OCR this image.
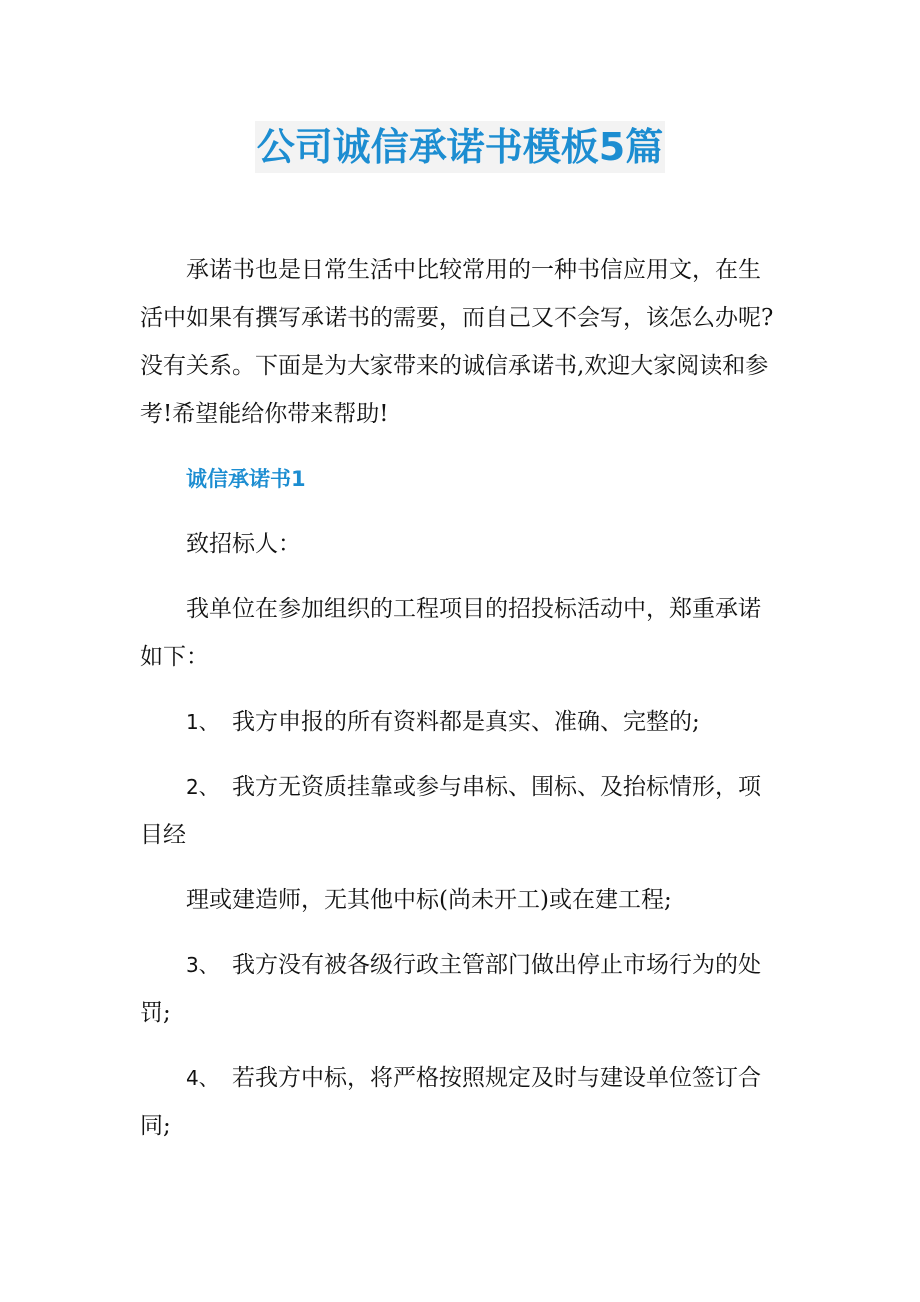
公司诚信承诺书模板5篇

承诺书也是日常生活中比较常用的一种书信应用文，在生活中如果有撰写承诺书的需要，而自己又不会写，该怎么办呢?没有关系。下面是为大家带来的诚信承诺书,欢迎大家阅读和参考!希望能给你带来帮助!

诚信承诺书1

致招标人：

我单位在参加组织的工程项目的招投标活动中，郑重承诺如下：

1、 我方申报的所有资料都是真实、准确、完整的;

2、 我方无资质挂靠或参与串标、围标、及抬标情形，项目经

理或建造师，无其他中标(尚未开工)或在建工程;

3、 我方没有被各级行政主管部门做出停止市场行为的处罚;

4、 若我方中标，将严格按照规定及时与建设单位签订合同;
